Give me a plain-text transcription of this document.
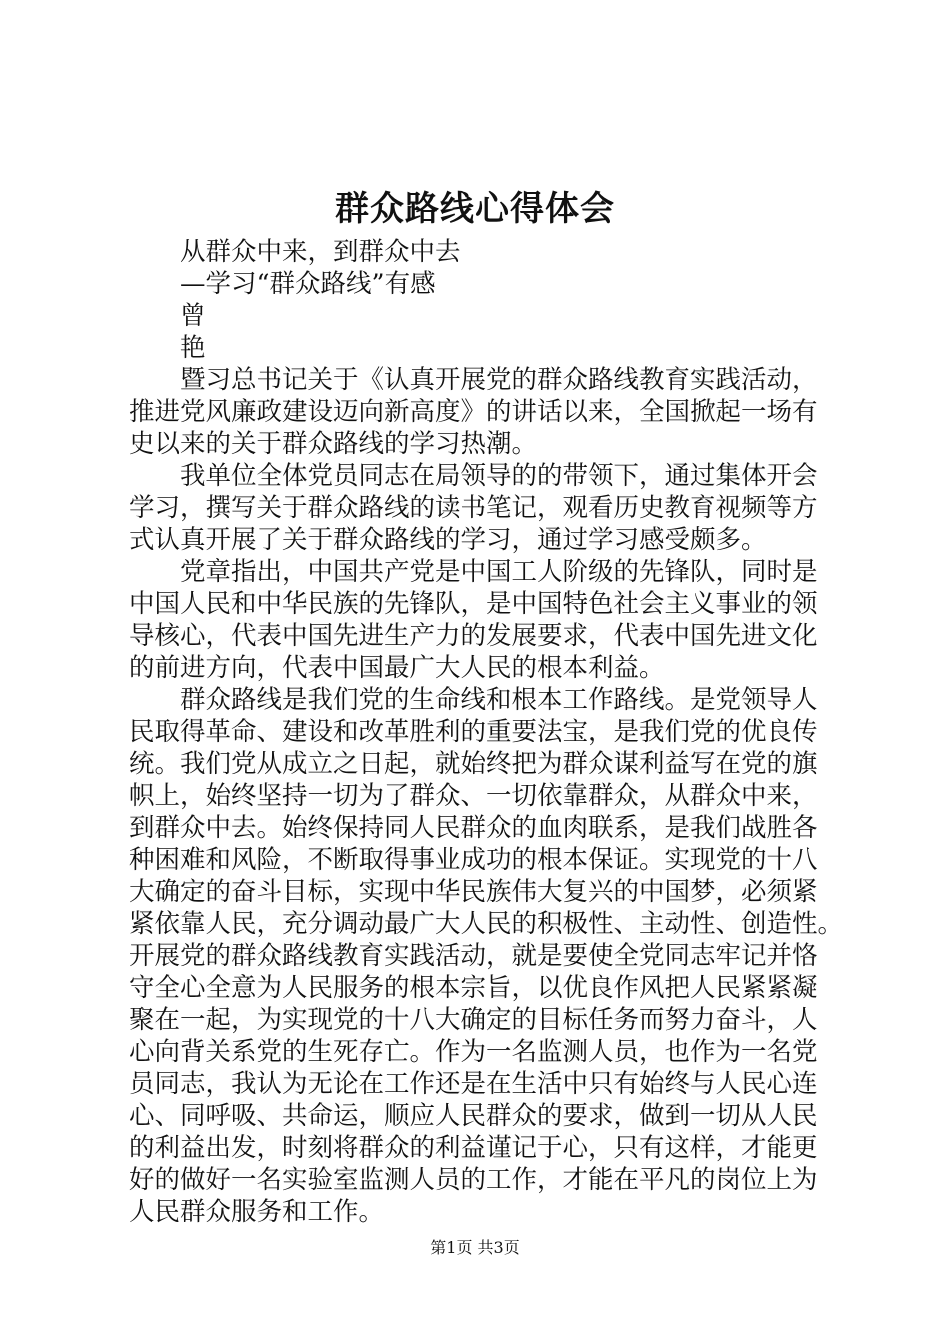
群众路线心得体会
从群众中来，到群众中去
—学习“群众路线”有感
曾
艳
暨习总书记关于《认真开展党的群众路线教育实践活动，
推进党风廉政建设迈向新高度》的讲话以来，全国掀起一场有
史以来的关于群众路线的学习热潮。
我单位全体党员同志在局领导的的带领下，通过集体开会
学习，撰写关于群众路线的读书笔记，观看历史教育视频等方
式认真开展了关于群众路线的学习，通过学习感受颇多。
党章指出，中国共产党是中国工人阶级的先锋队，同时是
中国人民和中华民族的先锋队，是中国特色社会主义事业的领
导核心，代表中国先进生产力的发展要求，代表中国先进文化
的前进方向，代表中国最广大人民的根本利益。
群众路线是我们党的生命线和根本工作路线。是党领导人
民取得革命、建设和改革胜利的重要法宝，是我们党的优良传
统。我们党从成立之日起，就始终把为群众谋利益写在党的旗
帜上，始终坚持一切为了群众、一切依靠群众，从群众中来，
到群众中去。始终保持同人民群众的血肉联系，是我们战胜各
种困难和风险，不断取得事业成功的根本保证。实现党的十八
大确定的奋斗目标，实现中华民族伟大复兴的中国梦，必须紧
紧依靠人民，充分调动最广大人民的积极性、主动性、创造性。
开展党的群众路线教育实践活动，就是要使全党同志牢记并恪
守全心全意为人民服务的根本宗旨，以优良作风把人民紧紧凝
聚在一起，为实现党的十八大确定的目标任务而努力奋斗，人
心向背关系党的生死存亡。作为一名监测人员，也作为一名党
员同志，我认为无论在工作还是在生活中只有始终与人民心连
心、同呼吸、共命运，顺应人民群众的要求，做到一切从人民
的利益出发，时刻将群众的利益谨记于心，只有这样，才能更
好的做好一名实验室监测人员的工作，才能在平凡的岗位上为
人民群众服务和工作。
第1页 共3页
